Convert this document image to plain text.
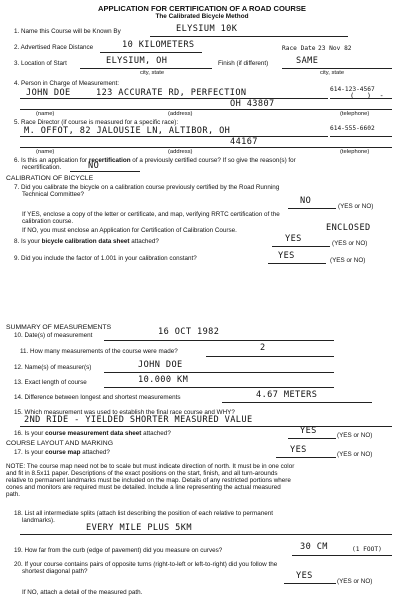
APPLICATION FOR CERTIFICATION OF A ROAD COURSE
The Calibrated Bicycle Method
1. Name this Course will be Known By	ELYSIUM 10K
2. Advertised Race Distance	10 KILOMETERS	Race Date 23 Nov 82
3. Location of Start	ELYSIUM, OH	Finish (if different)	SAME
city, state	city, state
4. Person in Charge of Measurement:
JOHN DOE	123 ACCURATE RD, PERFECTION	614-123-4567
(   )  -
OH 43807
(name)	(address)	(telephone)
5. Race Director (if course is measured for a specific race):
M. OFFOT, 82 JALOUSIE LN, ALTIBOR, OH	614-555-6602
44167
(name)	(address)	(telephone)
6. Is this an application for recertification of a previously certified course? If so give the reason(s) for
recertification.	NO
CALIBRATION OF BICYCLE
7. Did you calibrate the bicycle on a calibration course previously certified by the Road Running
Technical Committee?
NO
(YES or NO)
If YES, enclose a copy of the letter or certificate, and map, verifying RRTC certification of the
calibration course.
If NO, you must enclose an Application for Certification of Calibration Course.	ENCLOSED
8. Is your bicycle calibration data sheet attached?	YES	(YES or NO)
9. Did you include the factor of 1.001 in your calibration constant?	YES	(YES or NO)
SUMMARY OF MEASUREMENTS
10. Date(s) of measurement	16 OCT 1982
11. How many measurements of the course were made?	2
12. Name(s) of measurer(s)	JOHN DOE
13. Exact length of course	10.000 KM
14. Difference between longest and shortest measurements	4.67 METERS
15. Which measurement was used to establish the final race course and WHY?
2ND RIDE - YIELDED SHORTER MEASURED VALUE
16. Is your course measurement data sheet attached?	YES	(YES or NO)
COURSE LAYOUT AND MARKING
17. Is your course map attached?	YES	(YES or NO)
NOTE: The course map need not be to scale but must indicate direction of north. It must be in one color
and fit in 8.5x11 paper. Descriptions of the exact positions on the start, finish, and all turn-arounds
relative to permanent landmarks must be included on the map. Details of any restricted portions where
cones and monitors are required must be detailed. Include a line representing the actual measured
path.
18. List all intermediate splits (attach list describing the position of each relative to permanent
landmarks).
EVERY MILE PLUS 5KM
19. How far from the curb (edge of pavement) did you measure on curves?	30 CM	(1 FOOT)
20. If your course contains pairs of opposite turns (right-to-left or left-to-right) did you follow the
shortest diagonal path?	YES
(YES or NO)
If NO, attach a detail of the measured path.
